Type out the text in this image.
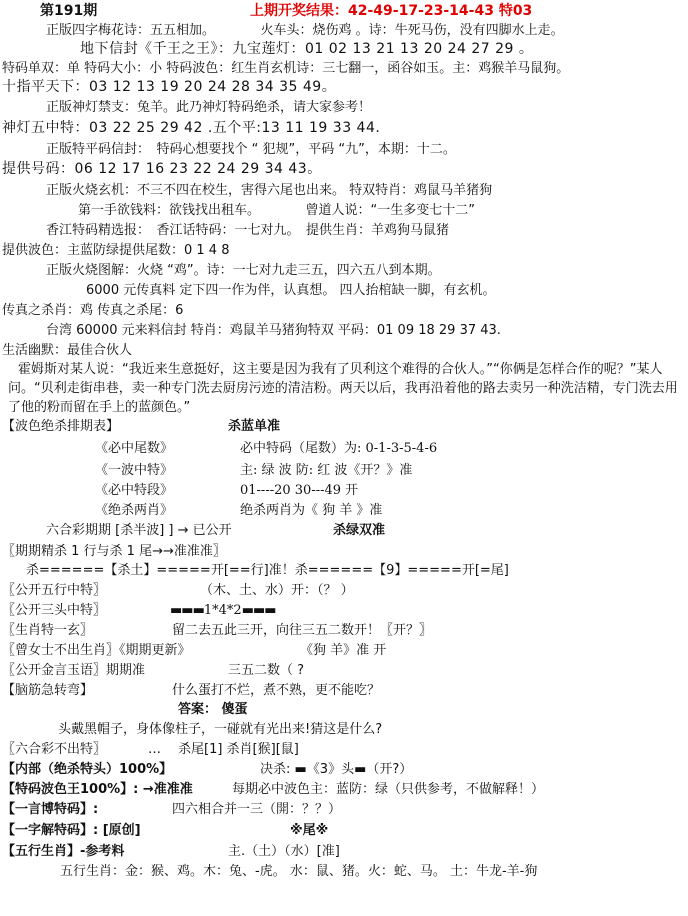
第191期	上期开奖结果：42-49-17-23-14-43 特03
正版四字梅花诗：五五相加。　　　　火车头：烧伤鸡 。诗：牛死马伤，没有四脚水上走。
地下信封《千王之王》：九宝莲灯：01 02 13 21 13 20 24 27 29 。
特码单双：单 特码大小：小 特码波色：红生肖玄机诗：三七翻一，函谷如玉。主：鸡猴羊马鼠狗。
十指平天下：03 12 13 19 20 24 28 34 35 49。
正版神灯禁支：兔羊。此乃神灯特码绝杀，请大家参考！
神灯五中特：03 22 25 29 42 .五个平:13 11 19 33 44.
正版特平码信封：　特码心想要找个 “ 犯规”，平码 “九”，本期：十二。
提供号码：06 12 17 16 23 22 24 29 34 43。
正版火烧玄机：不三不四在校生，害得六尾也出来。 特双特肖：鸡鼠马羊猪狗
第一手欲钱料：欲钱找出租车。　　　　曾道人说：“一生多变七十二”
香江特码精选报：　香江话特码：一七对九。　提供生肖：羊鸡狗马鼠猪
提供波色：主蓝防绿提供尾数：0 1 4 8
正版火烧图解：火烧 “鸡”。诗：一七对九走三五，四六五八到本期。
6000 元传真料 定下四一作为伴，认真想。 四人抬棺缺一脚，有玄机。
传真之杀肖：鸡 传真之杀尾：6
台湾 60000 元来料信封 特肖：鸡鼠羊马猪狗特双 平码：01 09 18 29 37 43.
生活幽默：最佳合伙人
霍姆斯对某人说：“我近来生意挺好，这主要是因为我有了贝利这个难得的合伙人。”“你俩是怎样合作的呢？”某人问。“贝利走街串巷，卖一种专门洗去厨房污迹的清洁粉。两天以后，我再沿着他的路去卖另一种洗洁精，专门洗去用了他的粉而留在手上的蓝颜色。”
【波色绝杀排期表】	杀蓝单准
《必中尾数》	必中特码（尾数）为: 0-1-3-5-4-6
《一波中特》	主: 绿 波 防: 红 波《开？》准
《必中特段》	01----20 30---49 开
《绝杀两肖》	绝杀两肖为《 狗 羊 》准
六合彩期期 [杀半波] ] → 已公开	杀绿双准
〖期期精杀 1 行与杀 1 尾→→准准准〗
杀======【杀土】=====开[==行]准！杀======【9】=====开[=尾]
〖公开五行中特〗	（木、土、水）开：（？ ）
〖公开三头中特〗	▬▬▬1*4*2▬▬▬
〖生肖特一玄〗	留二去五此三开，向往三五二数开！〖开？〗
〖曾女士不出生肖〗《期期更新》	《狗 羊》准 开
〖公开金言玉语〗期期准	三五二数（ ?
【脑筋急转弯】	什么蛋打不烂，煮不熟，更不能吃？
答案： 傻蛋
头戴黑帽子，身体像柱子，一碰就有光出来!猜这是什么?
〖六合彩不出特〗	… 杀尾[1] 杀肖[猴][鼠]
【内部（绝杀特头）100%】	决杀: ▬《3》头▬（开?）
【特码波色王100%】: →准准准	每期必中波色主：蓝防：绿（只供参考，不做解释！）
【一言博特码】:	四六相合并一三（開：？？）
【一字解特码】: [原创]	※尾※
【五行生肖】-参考料	主.（土）（水）[准]
五行生肖：金：猴、鸡。木：兔、-虎。 水：鼠、猪。火：蛇、马。 土：牛龙-羊-狗
